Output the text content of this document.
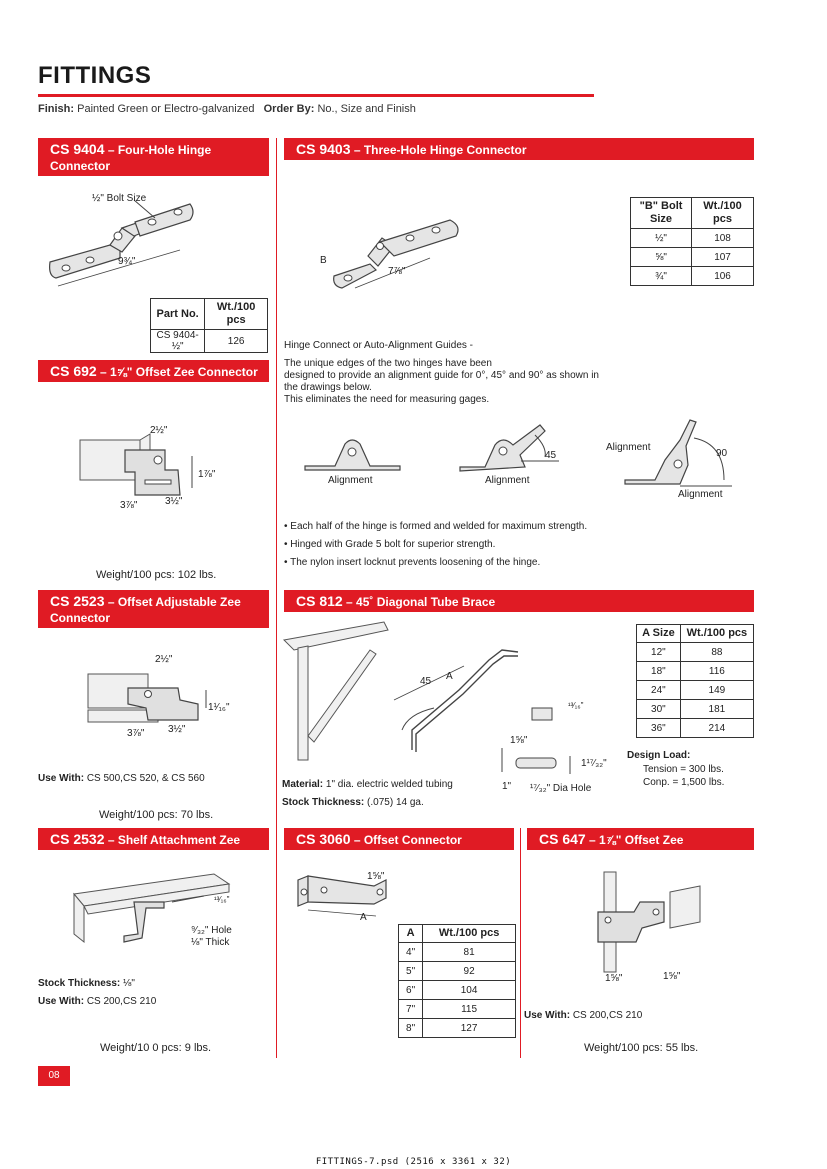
FITTINGS
Finish: Painted Green or Electro-galvanized Order By: No., Size and Finish
CS 9404 – Four-Hole Hinge Connector
½" Bolt Size
9¾"
Part No.	Wt./100 pcs
CS 9404-½"	126
CS 9403 – Three-Hole Hinge Connector
B
7⅞"
"B" Bolt Size	Wt./100 pcs
½"	108
⅝"	107
¾"	106
Hinge Connect or Auto-Alignment Guides -
The unique edges of the two hinges have been
designed to provide an alignment guide for 0°, 45° and 90° as shown in
the drawings below.
This eliminates the need for measuring gages.
Alignment
45
Alignment
Alignment
90
Alignment
• Each half of the hinge is formed and welded for maximum strength.
• Hinged with Grade 5 bolt for superior strength.
• The nylon insert locknut prevents loosening of the hinge.
CS 692 – 1⅝" Offset Zee Connector
2½"
1⅞"
3⅞"	3½"
Weight/100 pcs: 102 lbs.
CS 2523 – Offset Adjustable Zee Connector
2½"
1¹⁄₁₆"
3⅞" 3½"
Use With: CS 500,CS 520, & CS 560
Weight/100 pcs: 70 lbs.
CS 812 – 45˚ Diagonal Tube Brace
45 A
¹³⁄₁₆"
1⅝"
1¹⁷⁄₃₂"
1" ¹⁷⁄₃₂" Dia Hole
A Size	Wt./100 pcs
12"	88
18"	116
24"	149
30"	181
36"	214
Design Load:
Tension = 300 lbs.
Conp. = 1,500 lbs.
Material: 1" dia. electric welded tubing
Stock Thickness: (.075) 14 ga.
CS 2532 – Shelf Attachment Zee
¹³⁄₁₆"
⁹⁄₃₂" Hole
⅛" Thick
Stock Thickness: ⅛"
Use With: CS 200,CS 210
Weight/10 0 pcs: 9 lbs.
CS 3060 – Offset Connector
1⅝"
A
A	Wt./100 pcs
4"	81
5"	92
6"	104
7"	115
8"	127
CS 647 – 1⅞" Offset Zee Connector
1⅝"	1⅝"
Use With: CS 200,CS 210
Weight/100 pcs: 55 lbs.
08
FITTINGS-7.psd (2516 x 3361 x 32)
